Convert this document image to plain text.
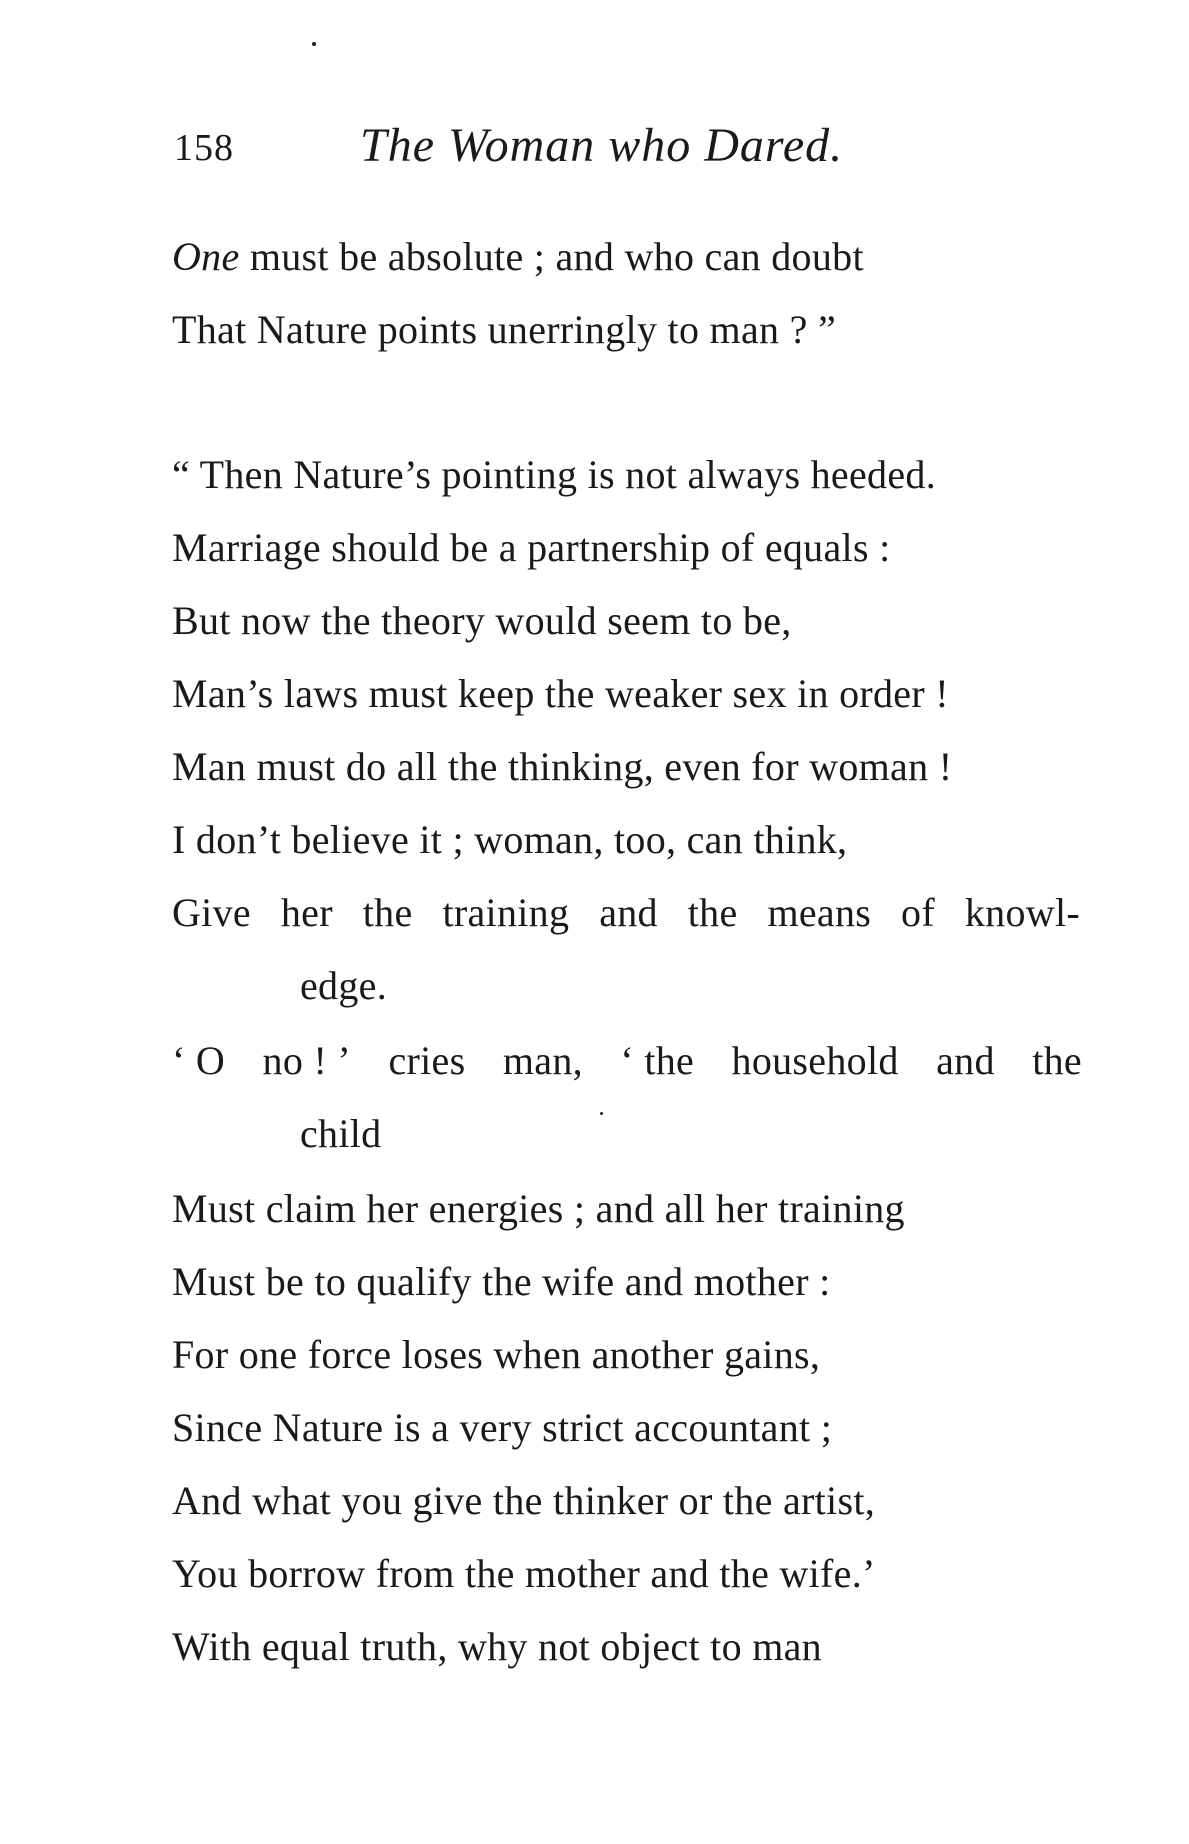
158	The Woman who Dared.
One must be absolute ; and who can doubt
That Nature points unerringly to man ? ”
“ Then Nature’s pointing is not always heeded.
Marriage should be a partnership of equals :
But now the theory would seem to be,
Man’s laws must keep the weaker sex in order !
Man must do all the thinking, even for woman !
I don’t believe it ; woman, too, can think,
Give her the training and the means of knowl-
edge.
‘ O no ! ’ cries man, ‘ the household and the
child
Must claim her energies ; and all her training
Must be to qualify the wife and mother :
For one force loses when another gains,
Since Nature is a very strict accountant ;
And what you give the thinker or the artist,
You borrow from the mother and the wife.’
With equal truth, why not object to man
